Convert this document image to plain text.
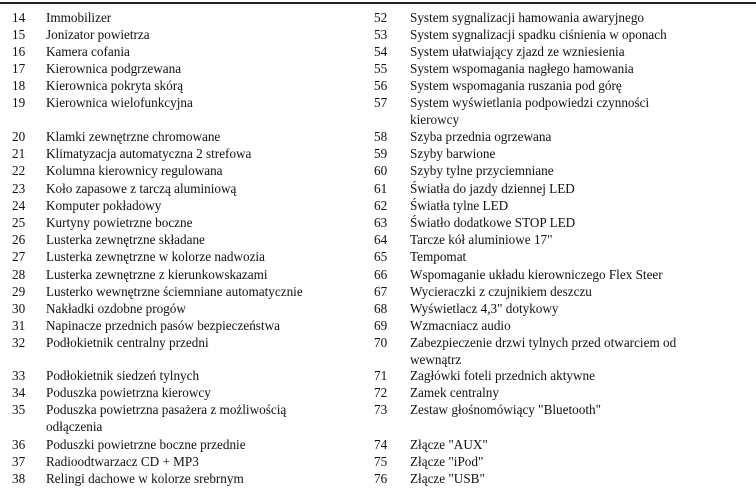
14 Immobilizer
15 Jonizator powietrza
16 Kamera cofania
17 Kierownica podgrzewana
18 Kierownica pokryta skórą
19 Kierownica wielofunkcyjna
20 Klamki zewnętrzne chromowane
21 Klimatyzacja automatyczna 2 strefowa
22 Kolumna kierownicy regulowana
23 Koło zapasowe z tarczą aluminiową
24 Komputer pokładowy
25 Kurtyny powietrzne boczne
26 Lusterka zewnętrzne składane
27 Lusterka zewnętrzne w kolorze nadwozia
28 Lusterka zewnętrzne z kierunkowskazami
29 Lusterko wewnętrzne ściemniane automatycznie
30 Nakładki ozdobne progów
31 Napinacze przednich pasów bezpieczeństwa
32 Podłokietnik centralny przedni
33 Podłokietnik siedzeń tylnych
34 Poduszka powietrzna kierowcy
35 Poduszka powietrzna pasażera z możliwością
odłączenia
36 Poduszki powietrzne boczne przednie
37 Radioodtwarzacz CD + MP3
38 Relingi dachowe w kolorze srebrnym
52 System sygnalizacji hamowania awaryjnego
53 System sygnalizacji spadku ciśnienia w oponach
54 System ułatwiający zjazd ze wzniesienia
55 System wspomagania nagłego hamowania
56 System wspomagania ruszania pod górę
57 System wyświetlania podpowiedzi czynności
kierowcy
58 Szyba przednia ogrzewana
59 Szyby barwione
60 Szyby tylne przyciemniane
61 Światła do jazdy dziennej LED
62 Światła tylne LED
63 Światło dodatkowe STOP LED
64 Tarcze kół aluminiowe 17"
65 Tempomat
66 Wspomaganie układu kierowniczego Flex Steer
67 Wycieraczki z czujnikiem deszczu
68 Wyświetlacz 4,3" dotykowy
69 Wzmacniacz audio
70 Zabezpieczenie drzwi tylnych przed otwarciem od
wewnątrz
71 Zagłówki foteli przednich aktywne
72 Zamek centralny
73 Zestaw głośnomówiący "Bluetooth"
74 Złącze "AUX"
75 Złącze "iPod"
76 Złącze "USB"
